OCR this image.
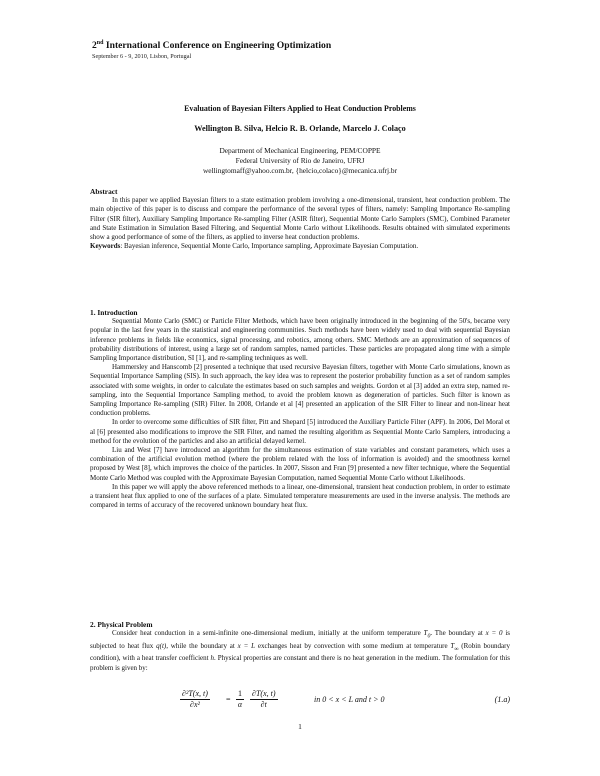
2nd International Conference on Engineering Optimization
September 6 - 9, 2010, Lisbon, Portugal
Evaluation of Bayesian Filters Applied to Heat Conduction Problems
Wellington B. Silva, Helcio R. B. Orlande, Marcelo J. Colaço
Department of Mechanical Engineering, PEM/COPPE
Federal University of Rio de Janeiro, UFRJ
wellingtomaff@yahoo.com.br, {helcio,colaco}@mecanica.ufrj.br
Abstract

In this paper we applied Bayesian filters to a state estimation problem involving a one-dimensional, transient, heat conduction problem. The main objective of this paper is to discuss and compare the performance of the several types of filters, namely: Sampling Importance Re-sampling Filter (SIR filter), Auxiliary Sampling Importance Re-sampling Filter (ASIR filter), Sequential Monte Carlo Samplers (SMC), Combined Parameter and State Estimation in Simulation Based Filtering, and Sequential Monte Carlo without Likelihoods. Results obtained with simulated experiments show a good performance of some of the filters, as applied to inverse heat conduction problems.

Keywords: Bayesian inference, Sequential Monte Carlo, Importance sampling, Approximate Bayesian Computation.
1. Introduction

Sequential Monte Carlo (SMC) or Particle Filter Methods, which have been originally introduced in the beginning of the 50's, became very popular in the last few years in the statistical and engineering communities. Such methods have been widely used to deal with sequential Bayesian inference problems in fields like economics, signal processing, and robotics, among others. SMC Methods are an approximation of sequences of probability distributions of interest, using a large set of random samples, named particles. These particles are propagated along time with a simple Sampling Importance distribution, SI [1], and re-sampling techniques as well.

Hammersley and Hanscomb [2] presented a technique that used recursive Bayesian filters, together with Monte Carlo simulations, known as Sequential Importance Sampling (SIS). In such approach, the key idea was to represent the posterior probability function as a set of random samples associated with some weights, in order to calculate the estimates based on such samples and weights. Gordon et al [3] added an extra step, named re-sampling, into the Sequential Importance Sampling method, to avoid the problem known as degeneration of particles. Such filter is known as Sampling Importance Re-sampling (SIR) Filter. In 2008, Orlande et al [4] presented an application of the SIR Filter to linear and non-linear heat conduction problems.

In order to overcome some difficulties of SIR filter, Pitt and Shepard [5] introduced the Auxiliary Particle Filter (APF). In 2006, Del Moral et al [6] presented also modifications to improve the SIR Filter, and named the resulting algorithm as Sequential Monte Carlo Samplers, introducing a method for the evolution of the particles and also an artificial delayed kernel.

Liu and West [7] have introduced an algorithm for the simultaneous estimation of state variables and constant parameters, which uses a combination of the artificial evolution method (where the problem related with the loss of information is avoided) and the smoothness kernel proposed by West [8], which improves the choice of the particles. In 2007, Sisson and Fran [9] presented a new filter technique, where the Sequential Monte Carlo Method was coupled with the Approximate Bayesian Computation, named Sequential Monte Carlo without Likelihoods.

In this paper we will apply the above referenced methods to a linear, one-dimensional, transient heat conduction problem, in order to estimate a transient heat flux applied to one of the surfaces of a plate. Simulated temperature measurements are used in the inverse analysis. The methods are compared in terms of accuracy of the recovered unknown boundary heat flux.

2. Physical Problem

Consider heat conduction in a semi-infinite one-dimensional medium, initially at the uniform temperature $T_0$. The boundary at x = 0 is subjected to heat flux q(t), while the boundary at x = L exchanges heat by convection with some medium at temperature $T_\infty$ (Robin boundary condition), with a heat transfer coefficient h. Physical properties are constant and there is no heat generation in the medium. The formulation for this problem is given by:

$\frac{\text{∂²T(x, t)}}{\text{∂x²}} = \frac{1}{\alpha} \frac{\partial T(x, t)}{\partial t}$	in 0 < x < L and t > 0	(1.a)
1
